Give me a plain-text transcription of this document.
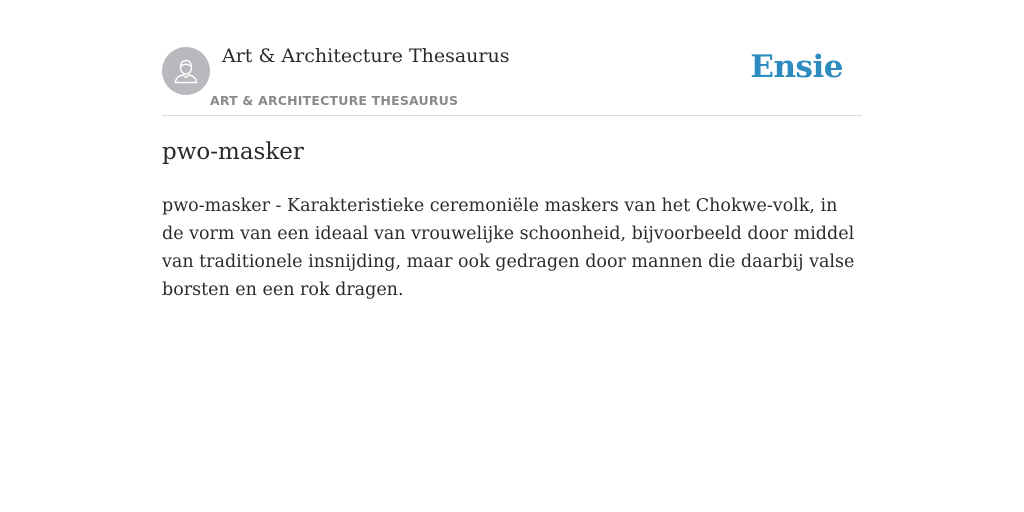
Art & Architecture Thesaurus
ART & ARCHITECTURE THESAURUS
Ensie
pwo-masker

pwo-masker - Karakteristieke ceremoniële maskers van het Chokwe-volk, in de vorm van een ideaal van vrouwelijke schoonheid, bijvoorbeeld door middel van traditionele insnijding, maar ook gedragen door mannen die daarbij valse borsten en een rok dragen.
